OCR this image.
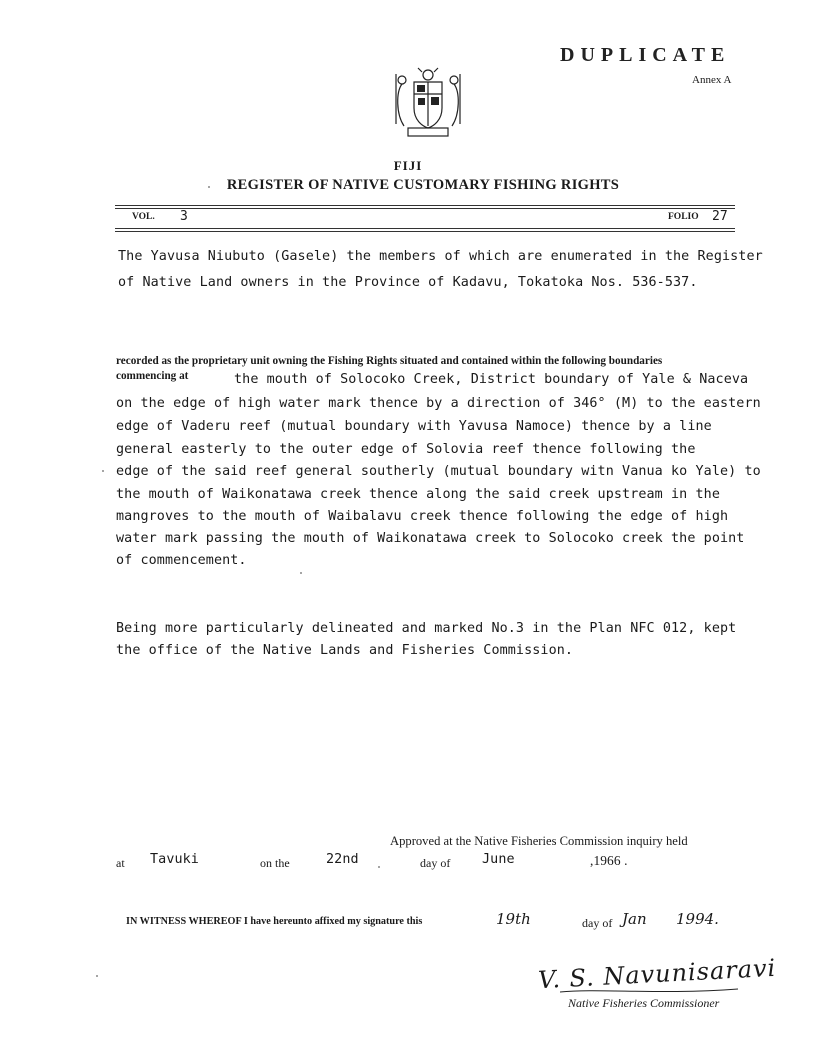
DUPLICATE
Annex A
FIJI
REGISTER OF NATIVE CUSTOMARY FISHING RIGHTS
VOL. 3	FOLIO 27
The Yavusa Niubuto (Gasele) the members of which are enumerated in the Register
of Native Land owners in the Province of Kadavu, Tokatoka Nos. 536-537.
recorded as the proprietary unit owning the Fishing Rights situated and contained within the following boundaries
commencing at	the mouth of Solocoko Creek, District boundary of Yale & Naceva
on the edge of high water mark thence by a direction of 346° (M) to the eastern
edge of Vaderu reef (mutual boundary with Yavusa Namoce) thence by a line
general easterly to the outer edge of Solovia reef thence following the
edge of the said reef general southerly (mutual boundary witn Vanua ko Yale) to
the mouth of Waikonatawa creek thence along the said creek upstream in the
mangroves to the mouth of Waibalavu creek thence following the edge of high
water mark passing the mouth of Waikonatawa creek to Solocoko creek the point
of commencement.
Being more particularly delineated and marked No.3 in the Plan NFC 012, kept
the office of the Native Lands and Fisheries Commission.
Approved at the Native Fisheries Commission inquiry held
at Tavuki	on the	22nd	day of June	,1966 .
IN WITNESS WHEREOF I have hereunto affixed my signature this	19th	day of Jan 1994.
V. S. Navunisaravi
Native Fisheries Commissioner
